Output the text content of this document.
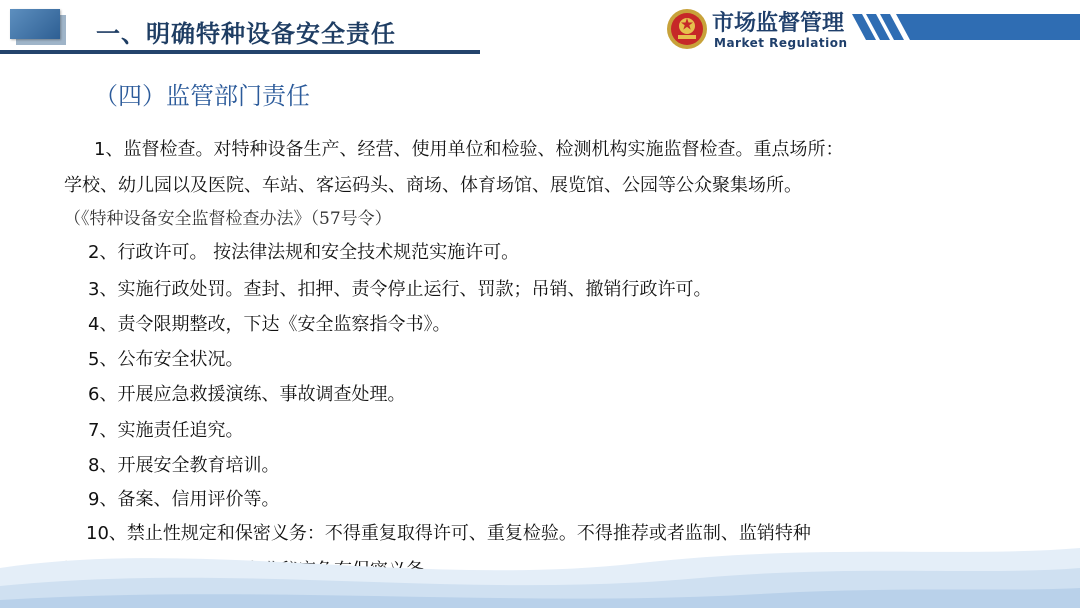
一、明确特种设备安全责任	市场监督管理
Market Regulation
（四）监管部门责任
1、监督检查。对特种设备生产、经营、使用单位和检验、检测机构实施监督检查。重点场所：
学校、幼儿园以及医院、车站、客运码头、商场、体育场馆、展览馆、公园等公众聚集场所。
（《特种设备安全监督检查办法》（57号令）
2、行政许可。 按法律法规和安全技术规范实施许可。
3、实施行政处罚。查封、扣押、责令停止运行、罚款；吊销、撤销行政许可。
4、责令限期整改，下达《安全监察指令书》。
5、公布安全状况。
6、开展应急救援演练、事故调查处理。
7、实施责任追究。
8、开展安全教育培训。
9、备案、信用评价等。
10、禁止性规定和保密义务：不得重复取得许可、重复检验。不得推荐或者监制、监销特种
